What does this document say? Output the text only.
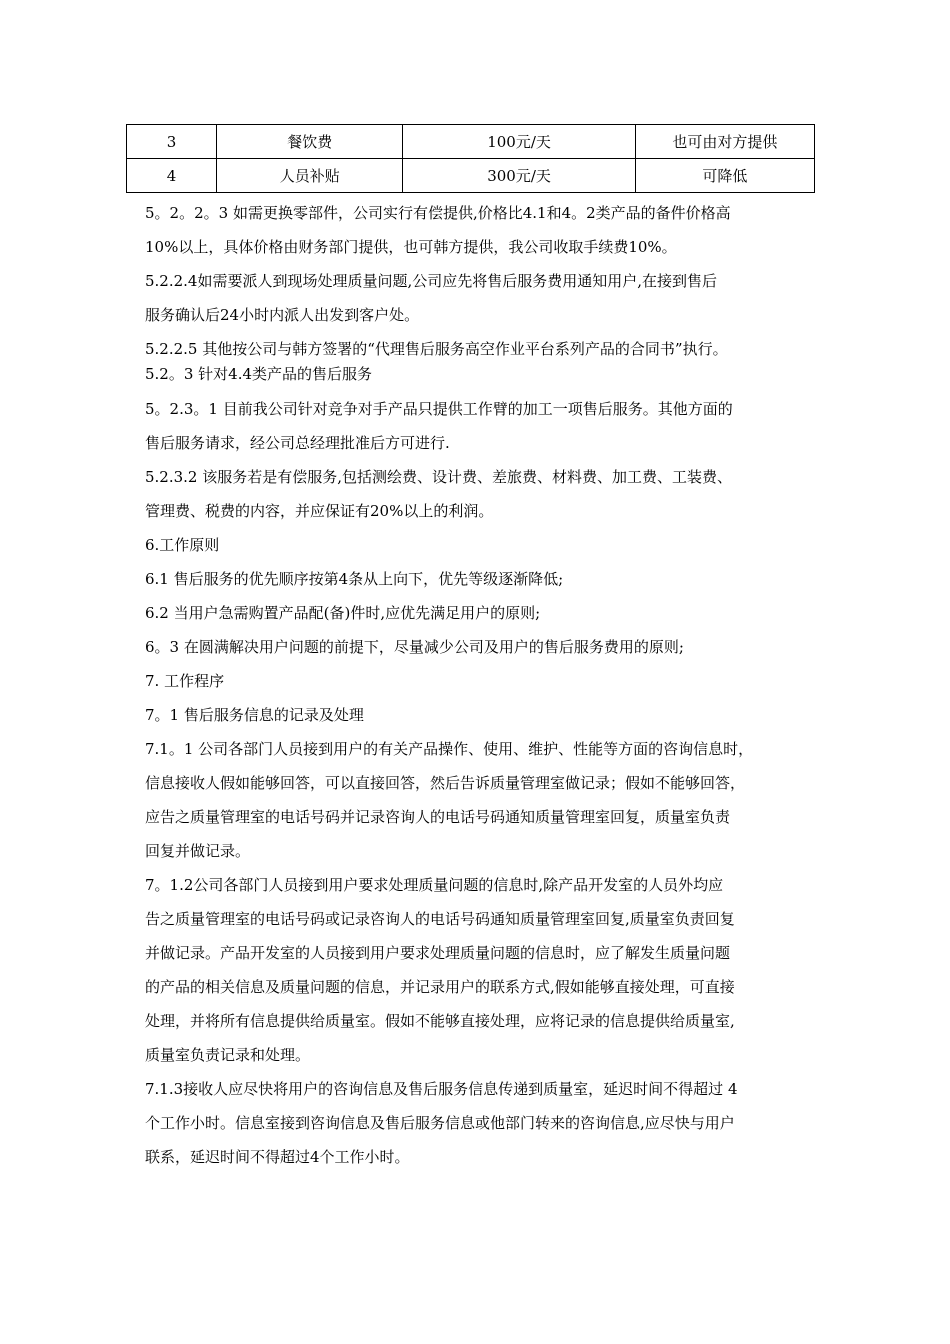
3	餐饮费	100元/天	也可由对方提供
4	人员补贴	300元/天	可降低

5。2。2。3 如需更换零部件，公司实行有偿提供,价格比4.1和4。2类产品的备件价格高
10%以上，具体价格由财务部门提供，也可韩方提供，我公司收取手续费10%。

5.2.2.4如需要派人到现场处理质量问题,公司应先将售后服务费用通知用户,在接到售后
服务确认后24小时内派人出发到客户处。

5.2.2.5 其他按公司与韩方签署的“代理售后服务高空作业平台系列产品的合同书”执行。

5.2。3 针对4.4类产品的售后服务

5。2.3。1 目前我公司针对竞争对手产品只提供工作臂的加工一项售后服务。其他方面的
售后服务请求，经公司总经理批准后方可进行.

5.2.3.2 该服务若是有偿服务,包括测绘费、设计费、差旅费、材料费、加工费、工装费、
管理费、税费的内容，并应保证有20%以上的利润。

6.工作原则

6.1 售后服务的优先顺序按第4条从上向下，优先等级逐渐降低;

6.2 当用户急需购置产品配(备)件时,应优先满足用户的原则;

6。3 在圆满解决用户问题的前提下，尽量减少公司及用户的售后服务费用的原则;

7. 工作程序

7。1 售后服务信息的记录及处理

7.1。1 公司各部门人员接到用户的有关产品操作、使用、维护、性能等方面的咨询信息时，
信息接收人假如能够回答，可以直接回答，然后告诉质量管理室做记录；假如不能够回答，
应告之质量管理室的电话号码并记录咨询人的电话号码通知质量管理室回复，质量室负责
回复并做记录。

7。1.2公司各部门人员接到用户要求处理质量问题的信息时,除产品开发室的人员外均应
告之质量管理室的电话号码或记录咨询人的电话号码通知质量管理室回复,质量室负责回复
并做记录。产品开发室的人员接到用户要求处理质量问题的信息时，应了解发生质量问题
的产品的相关信息及质量问题的信息，并记录用户的联系方式,假如能够直接处理，可直接
处理，并将所有信息提供给质量室。假如不能够直接处理，应将记录的信息提供给质量室,
质量室负责记录和处理。

7.1.3接收人应尽快将用户的咨询信息及售后服务信息传递到质量室，延迟时间不得超过 4
个工作小时。信息室接到咨询信息及售后服务信息或他部门转来的咨询信息,应尽快与用户
联系，延迟时间不得超过4个工作小时。
